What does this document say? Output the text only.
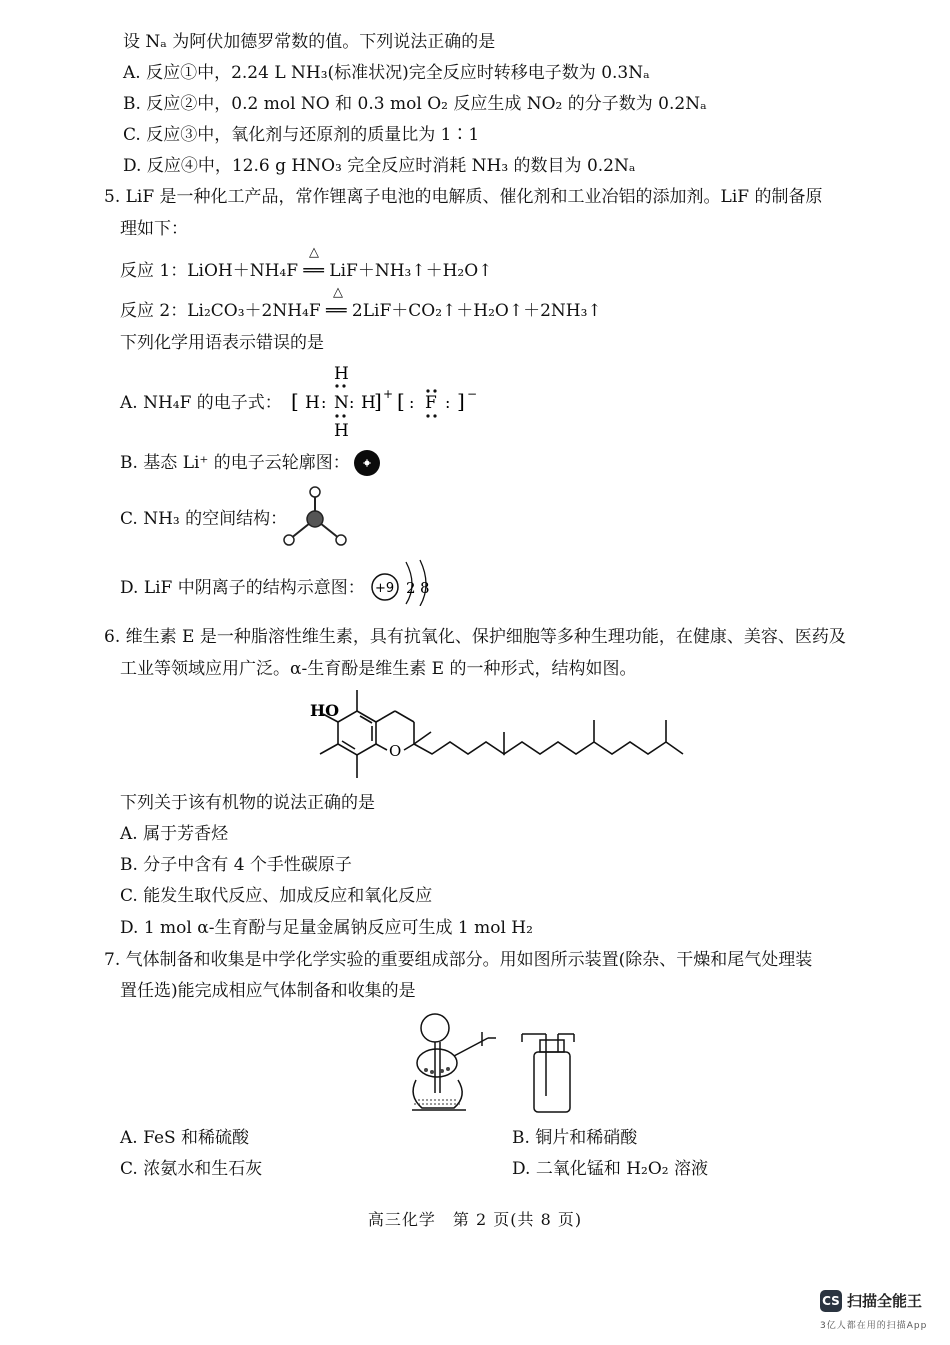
设 Nₐ 为阿伏加德罗常数的值。下列说法正确的是
A. 反应①中，2.24 L NH₃(标准状况)完全反应时转移电子数为 0.3Nₐ
B. 反应②中，0.2 mol NO 和 0.3 mol O₂ 反应生成 NO₂ 的分子数为 0.2Nₐ
C. 反应③中，氧化剂与还原剂的质量比为 1∶1
D. 反应④中，12.6 g HNO₃ 完全反应时消耗 NH₃ 的数目为 0.2Nₐ
5. LiF 是一种化工产品，常作锂离子电池的电解质、催化剂和工业冶铝的添加剂。LiF 的制备原
理如下：
反应 1：LiOH＋NH₄F ══ LiF＋NH₃↑＋H₂O↑
△
反应 2：Li₂CO₃＋2NH₄F ══ 2LiF＋CO₂↑＋H₂O↑＋2NH₃↑
△
下列化学用语表示错误的是
A. NH₄F 的电子式： [ H : N : H
] +
H
H
[ : F : ] −
B. 基态 Li⁺ 的电子云轮廓图：
C. NH₃ 的空间结构：
D. LiF 中阴离子的结构示意图： +9 2 8
6. 维生素 E 是一种脂溶性维生素，具有抗氧化、保护细胞等多种生理功能，在健康、美容、医药及
工业等领域应用广泛。α-生育酚是维生素 E 的一种形式，结构如图。
HO
O
下列关于该有机物的说法正确的是
A. 属于芳香烃
B. 分子中含有 4 个手性碳原子
C. 能发生取代反应、加成反应和氧化反应
D. 1 mol α-生育酚与足量金属钠反应可生成 1 mol H₂
7. 气体制备和收集是中学化学实验的重要组成部分。用如图所示装置(除杂、干燥和尾气处理装
置任选)能完成相应气体制备和收集的是
A. FeS 和稀硫酸	B. 铜片和稀硝酸
C. 浓氨水和生石灰	D. 二氧化锰和 H₂O₂ 溶液
高三化学　第 2 页(共 8 页)
CS 扫描全能王
3亿人都在用的扫描App
